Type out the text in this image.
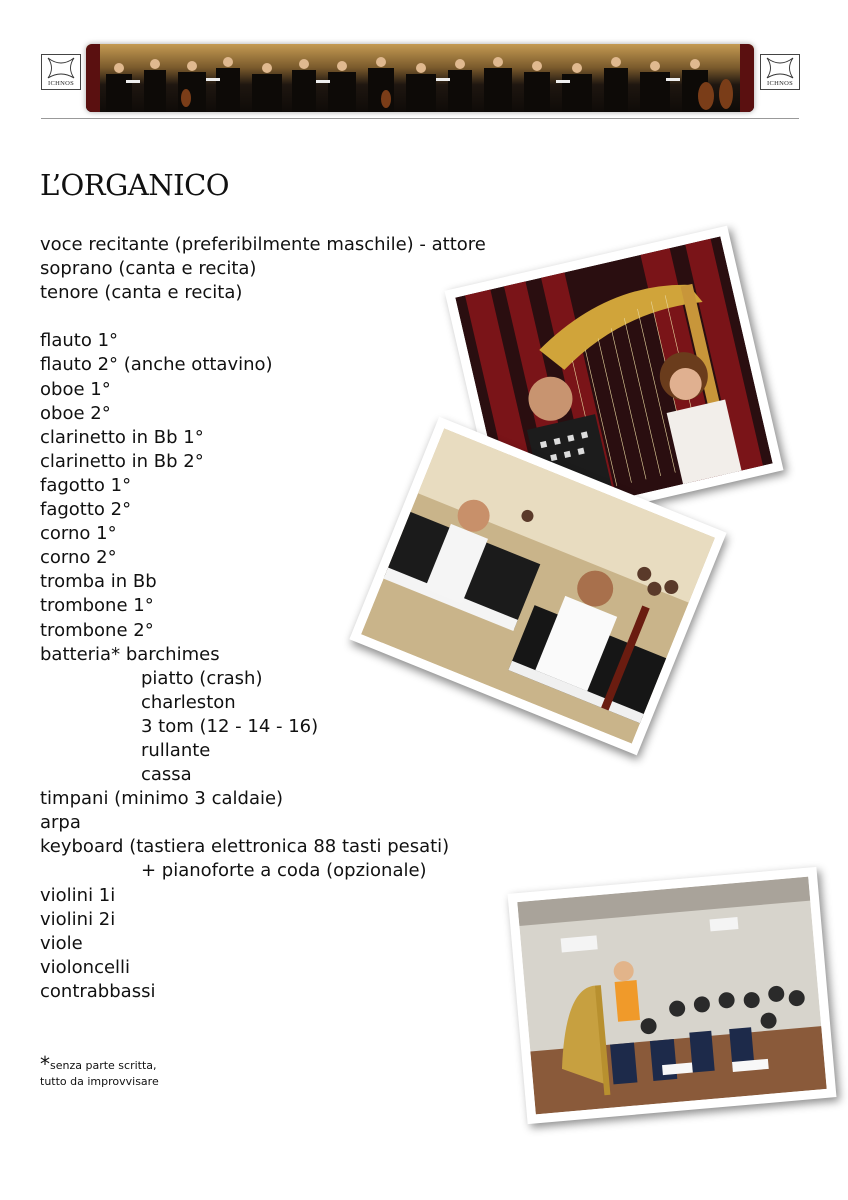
ICHNOS	ICHNOS
L’ORGANICO
voce recitante (preferibilmente maschile) - attore
soprano (canta e recita)
tenore (canta e recita)
flauto 1°
flauto 2° (anche ottavino)
oboe 1°
oboe 2°
clarinetto in Bb 1°
clarinetto in Bb 2°
fagotto 1°
fagotto 2°
corno 1°
corno 2°
tromba in Bb
trombone 1°
trombone 2°
batteria* barchimes
piatto (crash)
charleston
3 tom (12 - 14 - 16)
rullante
cassa
timpani (minimo 3 caldaie)
arpa
keyboard (tastiera elettronica 88 tasti pesati)
+ pianoforte a coda (opzionale)
violini 1i
violini 2i
viole
violoncelli
contrabbassi
*senza parte scritta,
tutto da improvvisare
